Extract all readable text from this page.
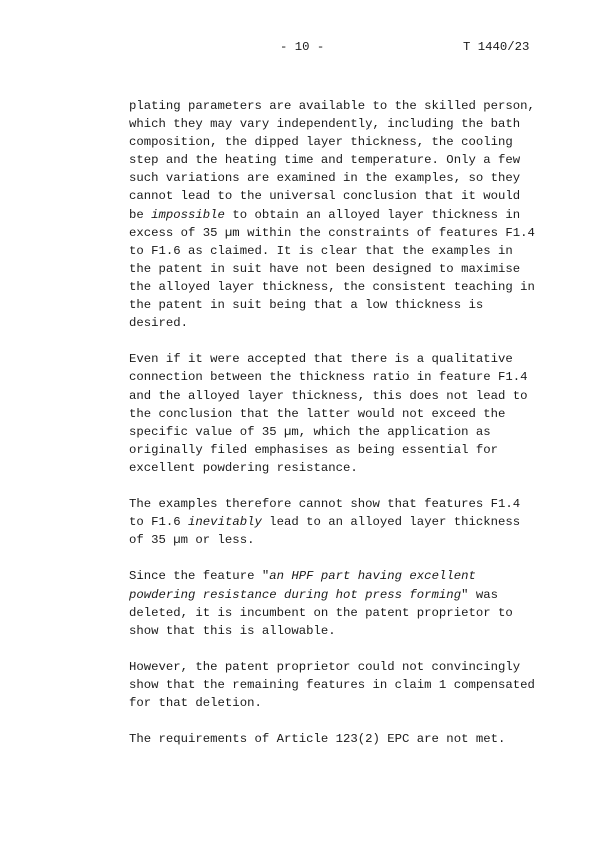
- 10 -	T 1440/23
plating parameters are available to the skilled person,
which they may vary independently, including the bath
composition, the dipped layer thickness, the cooling
step and the heating time and temperature. Only a few
such variations are examined in the examples, so they
cannot lead to the universal conclusion that it would
be impossible to obtain an alloyed layer thickness in
excess of 35 µm within the constraints of features F1.4
to F1.6 as claimed. It is clear that the examples in
the patent in suit have not been designed to maximise
the alloyed layer thickness, the consistent teaching in
the patent in suit being that a low thickness is
desired.
Even if it were accepted that there is a qualitative
connection between the thickness ratio in feature F1.4
and the alloyed layer thickness, this does not lead to
the conclusion that the latter would not exceed the
specific value of 35 µm, which the application as
originally filed emphasises as being essential for
excellent powdering resistance.
The examples therefore cannot show that features F1.4
to F1.6 inevitably lead to an alloyed layer thickness
of 35 µm or less.
Since the feature "an HPF part having excellent
powdering resistance during hot press forming" was
deleted, it is incumbent on the patent proprietor to
show that this is allowable.
However, the patent proprietor could not convincingly
show that the remaining features in claim 1 compensated
for that deletion.
The requirements of Article 123(2) EPC are not met.
